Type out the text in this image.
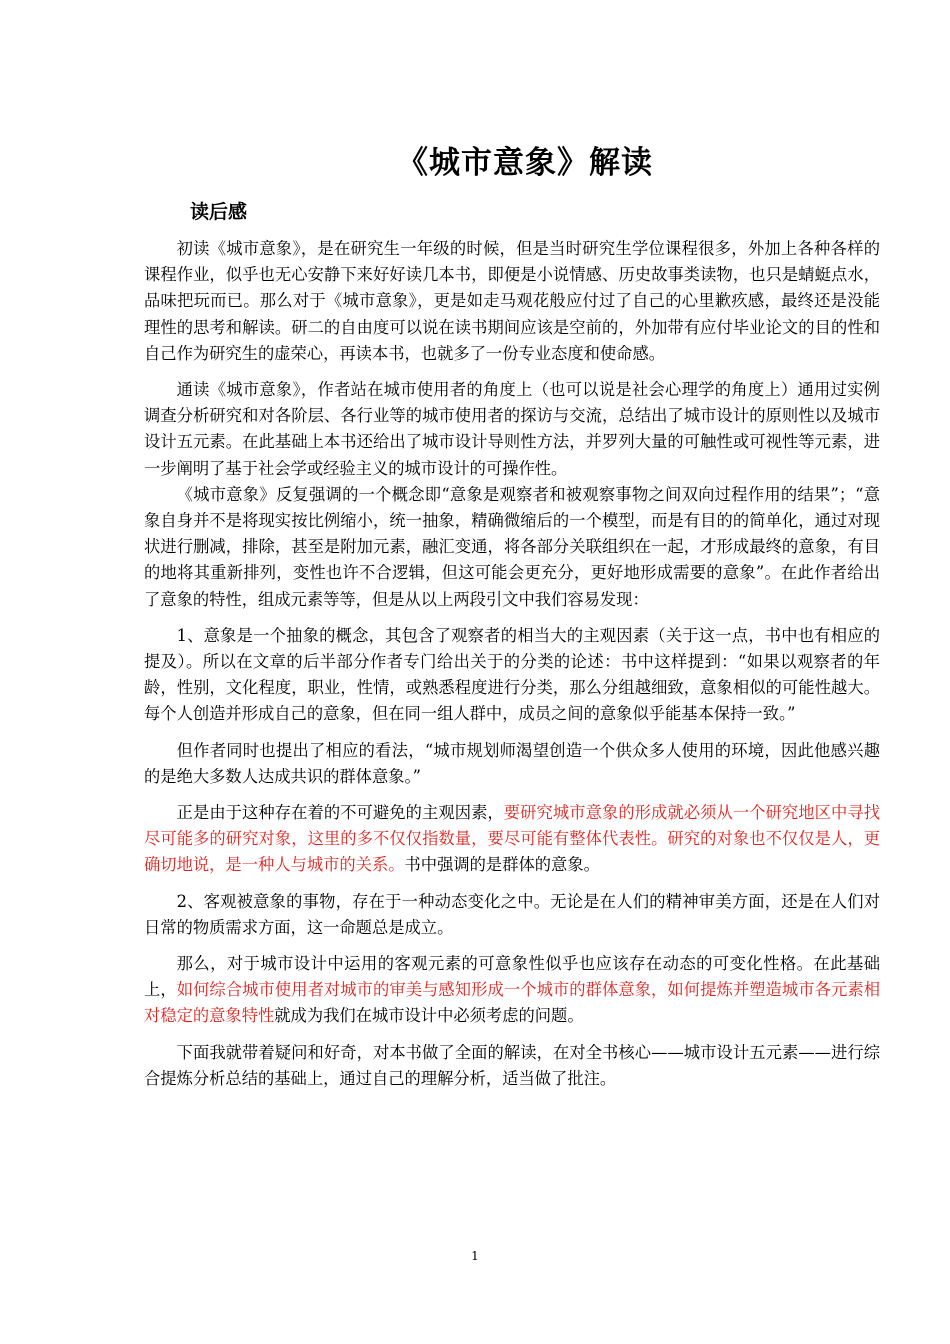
《城市意象》解读
读后感

初读《城市意象》，是在研究生一年级的时候，但是当时研究生学位课程很多，外加上各种各样的课程作业，似乎也无心安静下来好好读几本书，即便是小说情感、历史故事类读物，也只是蜻蜓点水，品味把玩而已。那么对于《城市意象》，更是如走马观花般应付过了自己的心里歉疚感，最终还是没能理性的思考和解读。研二的自由度可以说在读书期间应该是空前的，外加带有应付毕业论文的目的性和自己作为研究生的虚荣心，再读本书，也就多了一份专业态度和使命感。

通读《城市意象》，作者站在城市使用者的角度上（也可以说是社会心理学的角度上）通用过实例调查分析研究和对各阶层、各行业等的城市使用者的探访与交流，总结出了城市设计的原则性以及城市设计五元素。在此基础上本书还给出了城市设计导则性方法，并罗列大量的可触性或可视性等元素，进一步阐明了基于社会学或经验主义的城市设计的可操作性。

《城市意象》反复强调的一个概念即“意象是观察者和被观察事物之间双向过程作用的结果”；“意象自身并不是将现实按比例缩小，统一抽象，精确微缩后的一个模型，而是有目的的简单化，通过对现状进行删减，排除，甚至是附加元素，融汇变通，将各部分关联组织在一起，才形成最终的意象，有目的地将其重新排列，变性也许不合逻辑，但这可能会更充分，更好地形成需要的意象”。在此作者给出了意象的特性，组成元素等等，但是从以上两段引文中我们容易发现：

1、意象是一个抽象的概念，其包含了观察者的相当大的主观因素（关于这一点，书中也有相应的提及）。所以在文章的后半部分作者专门给出关于的分类的论述：书中这样提到：“如果以观察者的年龄，性别，文化程度，职业，性情，或熟悉程度进行分类，那么分组越细致，意象相似的可能性越大。每个人创造并形成自己的意象，但在同一组人群中，成员之间的意象似乎能基本保持一致。”

但作者同时也提出了相应的看法，“城市规划师渴望创造一个供众多人使用的环境，因此他感兴趣的是绝大多数人达成共识的群体意象。”

正是由于这种存在着的不可避免的主观因素，要研究城市意象的形成就必须从一个研究地区中寻找尽可能多的研究对象，这里的多不仅仅指数量，要尽可能有整体代表性。研究的对象也不仅仅是人，更确切地说，是一种人与城市的关系。书中强调的是群体的意象。

2、客观被意象的事物，存在于一种动态变化之中。无论是在人们的精神审美方面，还是在人们对日常的物质需求方面，这一命题总是成立。

那么，对于城市设计中运用的客观元素的可意象性似乎也应该存在动态的可变化性格。在此基础上，如何综合城市使用者对城市的审美与感知形成一个城市的群体意象，如何提炼并塑造城市各元素相对稳定的意象特性就成为我们在城市设计中必须考虑的问题。

下面我就带着疑问和好奇，对本书做了全面的解读，在对全书核心——城市设计五元素——进行综合提炼分析总结的基础上，通过自己的理解分析，适当做了批注。

1
